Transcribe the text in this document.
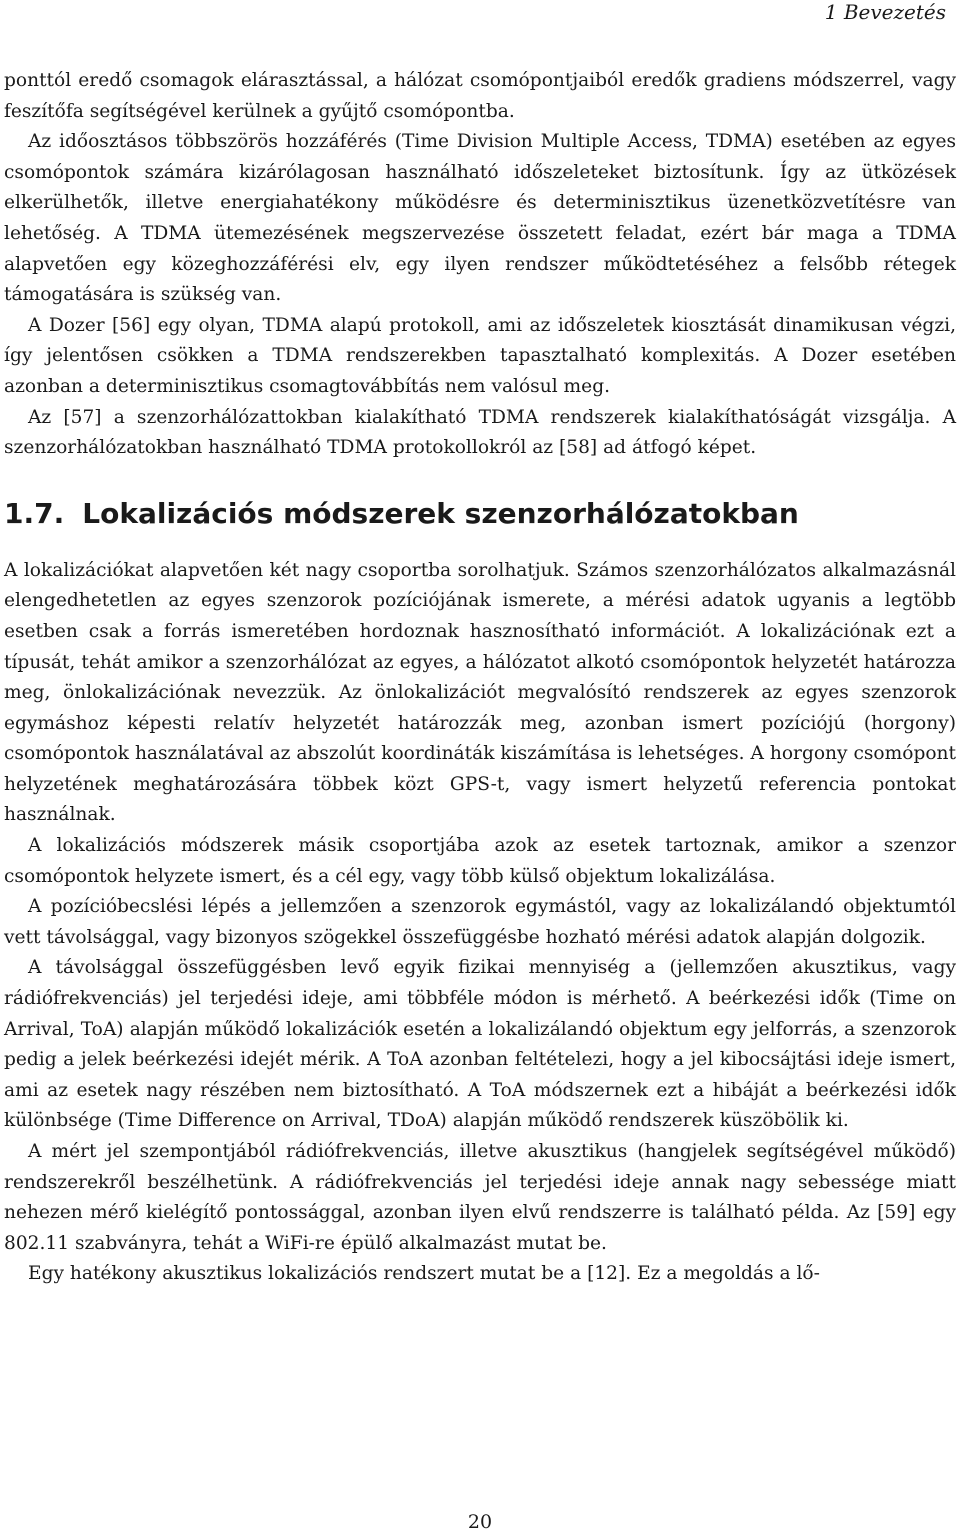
1 Bevezetés

ponttól eredő csomagok elárasztással, a hálózat csomópontjaiból eredők gradiens módszerrel, vagy feszítőfa segítségével kerülnek a gyűjtő csomópontba.

Az időosztásos többszörös hozzáférés (Time Division Multiple Access, TDMA) esetében az egyes csomópontok számára kizárólagosan használható időszeleteket biztosítunk. Így az ütközések elkerülhetők, illetve energiahatékony működésre és determinisztikus üzenetközvetítésre van lehetőség. A TDMA ütemezésének megszervezése összetett feladat, ezért bár maga a TDMA alapvetően egy közeghozzáférési elv, egy ilyen rendszer működtetéséhez a felsőbb rétegek támogatására is szükség van.

A Dozer [56] egy olyan, TDMA alapú protokoll, ami az időszeletek kiosztását dinamikusan végzi, így jelentősen csökken a TDMA rendszerekben tapasztalható komplexitás. A Dozer esetében azonban a determinisztikus csomagtovábbítás nem valósul meg.

Az [57] a szenzorhálózattokban kialakítható TDMA rendszerek kialakíthatóságát vizsgálja. A szenzorhálózatokban használható TDMA protokollokról az [58] ad átfogó képet.

1.7. Lokalizációs módszerek szenzorhálózatokban

A lokalizációkat alapvetően két nagy csoportba sorolhatjuk. Számos szenzorhálózatos alkalmazásnál elengedhetetlen az egyes szenzorok pozíciójának ismerete, a mérési adatok ugyanis a legtöbb esetben csak a forrás ismeretében hordoznak hasznosítható információt. A lokalizációnak ezt a típusát, tehát amikor a szenzorhálózat az egyes, a hálózatot alkotó csomópontok helyzetét határozza meg, önlokalizációnak nevezzük. Az önlokalizációt megvalósító rendszerek az egyes szenzorok egymáshoz képesti relatív helyzetét határozzák meg, azonban ismert pozíciójú (horgony) csomópontok használatával az abszolút koordináták kiszámítása is lehetséges. A horgony csomópont helyzetének meghatározására többek közt GPS-t, vagy ismert helyzetű referencia pontokat használnak.

A lokalizációs módszerek másik csoportjába azok az esetek tartoznak, amikor a szenzor csomópontok helyzete ismert, és a cél egy, vagy több külső objektum lokalizálása.

A pozícióbecslési lépés a jellemzően a szenzorok egymástól, vagy az lokalizálandó objektumtól vett távolsággal, vagy bizonyos szögekkel összefüggésbe hozható mérési adatok alapján dolgozik.

A távolsággal összefüggésben levő egyik fizikai mennyiség a (jellemzően akusztikus, vagy rádiófrekvenciás) jel terjedési ideje, ami többféle módon is mérhető. A beérkezési idők (Time on Arrival, ToA) alapján működő lokalizációk esetén a lokalizálandó objektum egy jelforrás, a szenzorok pedig a jelek beérkezési idejét mérik. A ToA azonban feltételezi, hogy a jel kibocsájtási ideje ismert, ami az esetek nagy részében nem biztosítható. A ToA módszernek ezt a hibáját a beérkezési idők különbsége (Time Difference on Arrival, TDoA) alapján működő rendszerek küszöbölik ki.

A mért jel szempontjából rádiófrekvenciás, illetve akusztikus (hangjelek segítségével működő) rendszerekről beszélhetünk. A rádiófrekvenciás jel terjedési ideje annak nagy sebessége miatt nehezen mérő kielégítő pontossággal, azonban ilyen elvű rendszerre is található példa. Az [59] egy 802.11 szabványra, tehát a WiFi-re épülő alkalmazást mutat be.

Egy hatékony akusztikus lokalizációs rendszert mutat be a [12]. Ez a megoldás a lő-

20
